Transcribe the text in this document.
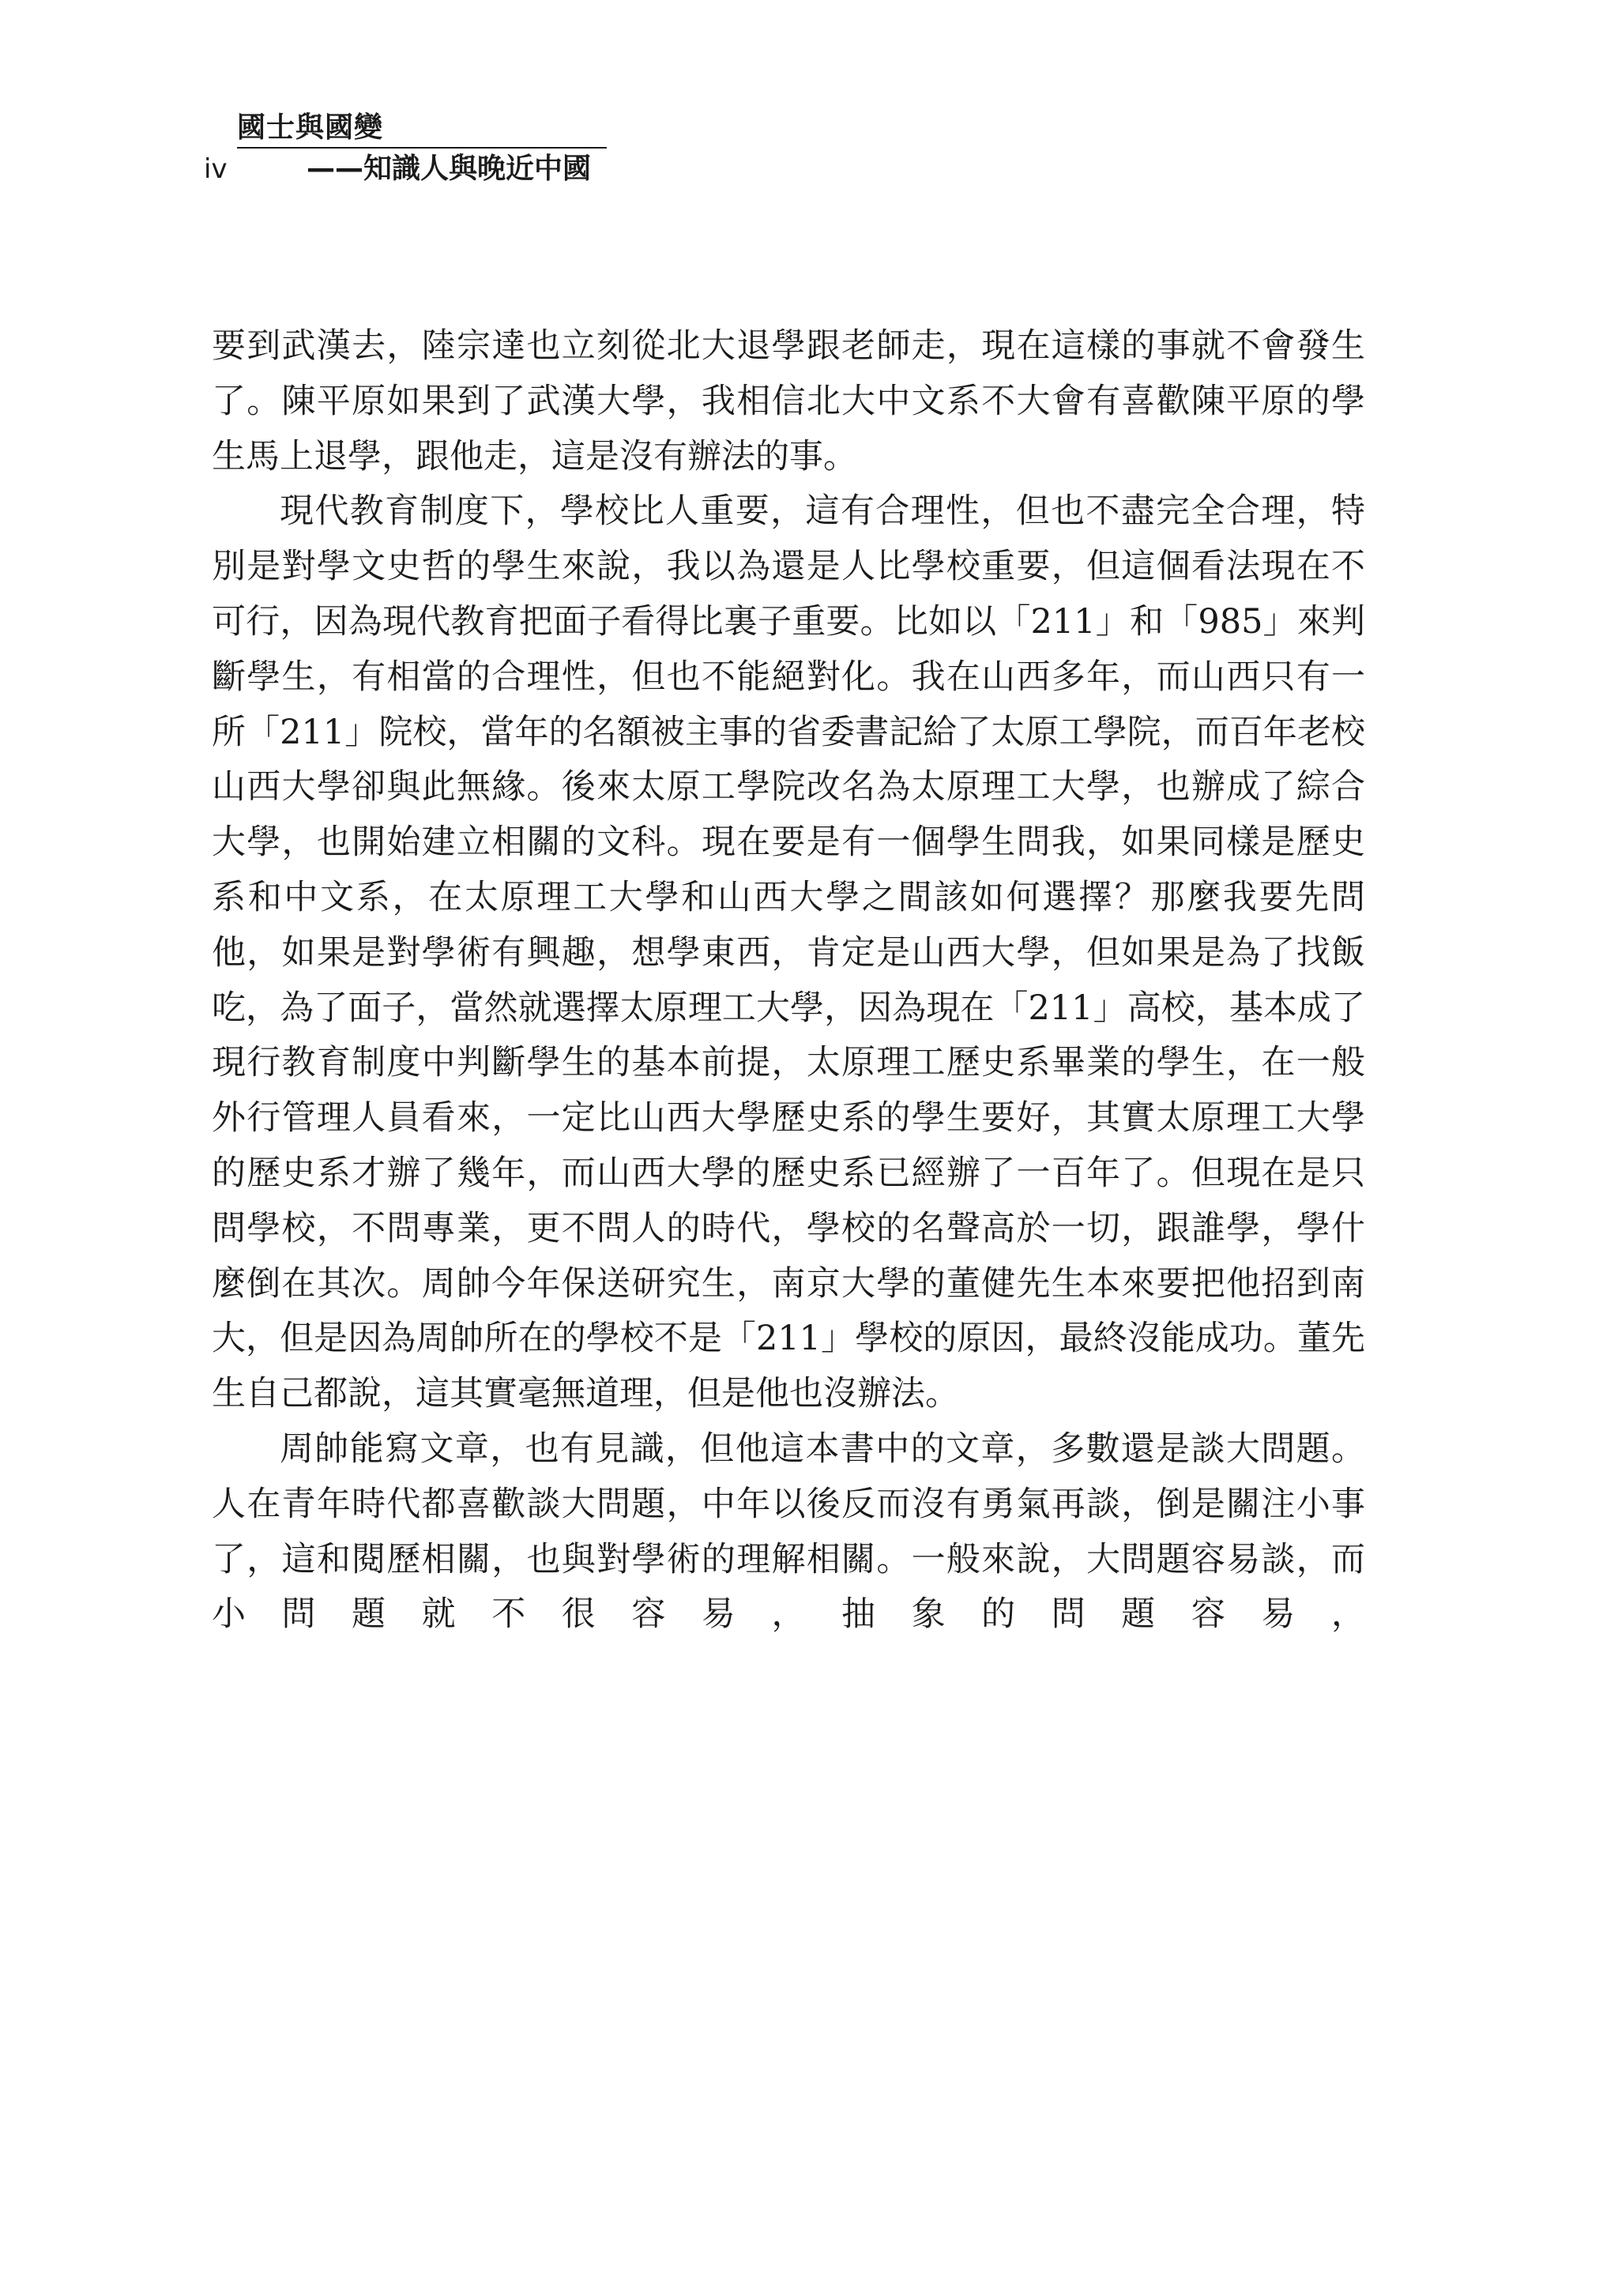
國士與國變
iv	——知識人與晚近中國

要到武漢去，陸宗達也立刻從北大退學跟老師走，現在這樣的事就不會發生了。陳平原如果到了武漢大學，我相信北大中文系不大會有喜歡陳平原的學生馬上退學，跟他走，這是沒有辦法的事。

現代教育制度下，學校比人重要，這有合理性，但也不盡完全合理，特別是對學文史哲的學生來說，我以為還是人比學校重要，但這個看法現在不可行，因為現代教育把面子看得比裏子重要。比如以「211」和「985」來判斷學生，有相當的合理性，但也不能絕對化。我在山西多年，而山西只有一所「211」院校，當年的名額被主事的省委書記給了太原工學院，而百年老校山西大學卻與此無緣。後來太原工學院改名為太原理工大學，也辦成了綜合大學，也開始建立相關的文科。現在要是有一個學生問我，如果同樣是歷史系和中文系，在太原理工大學和山西大學之間該如何選擇？那麼我要先問他，如果是對學術有興趣，想學東西，肯定是山西大學，但如果是為了找飯吃，為了面子，當然就選擇太原理工大學，因為現在「211」高校，基本成了現行教育制度中判斷學生的基本前提，太原理工歷史系畢業的學生，在一般外行管理人員看來，一定比山西大學歷史系的學生要好，其實太原理工大學的歷史系才辦了幾年，而山西大學的歷史系已經辦了一百年了。但現在是只問學校，不問專業，更不問人的時代，學校的名聲高於一切，跟誰學，學什麼倒在其次。周帥今年保送研究生，南京大學的董健先生本來要把他招到南大，但是因為周帥所在的學校不是「211」學校的原因，最終沒能成功。董先生自己都說，這其實毫無道理，但是他也沒辦法。

周帥能寫文章，也有見識，但他這本書中的文章，多數還是談大問題。人在青年時代都喜歡談大問題，中年以後反而沒有勇氣再談，倒是關注小事了，這和閱歷相關，也與對學術的理解相關。一般來說，大問題容易談，而小問題就不很容易，抽象的問題容易，
